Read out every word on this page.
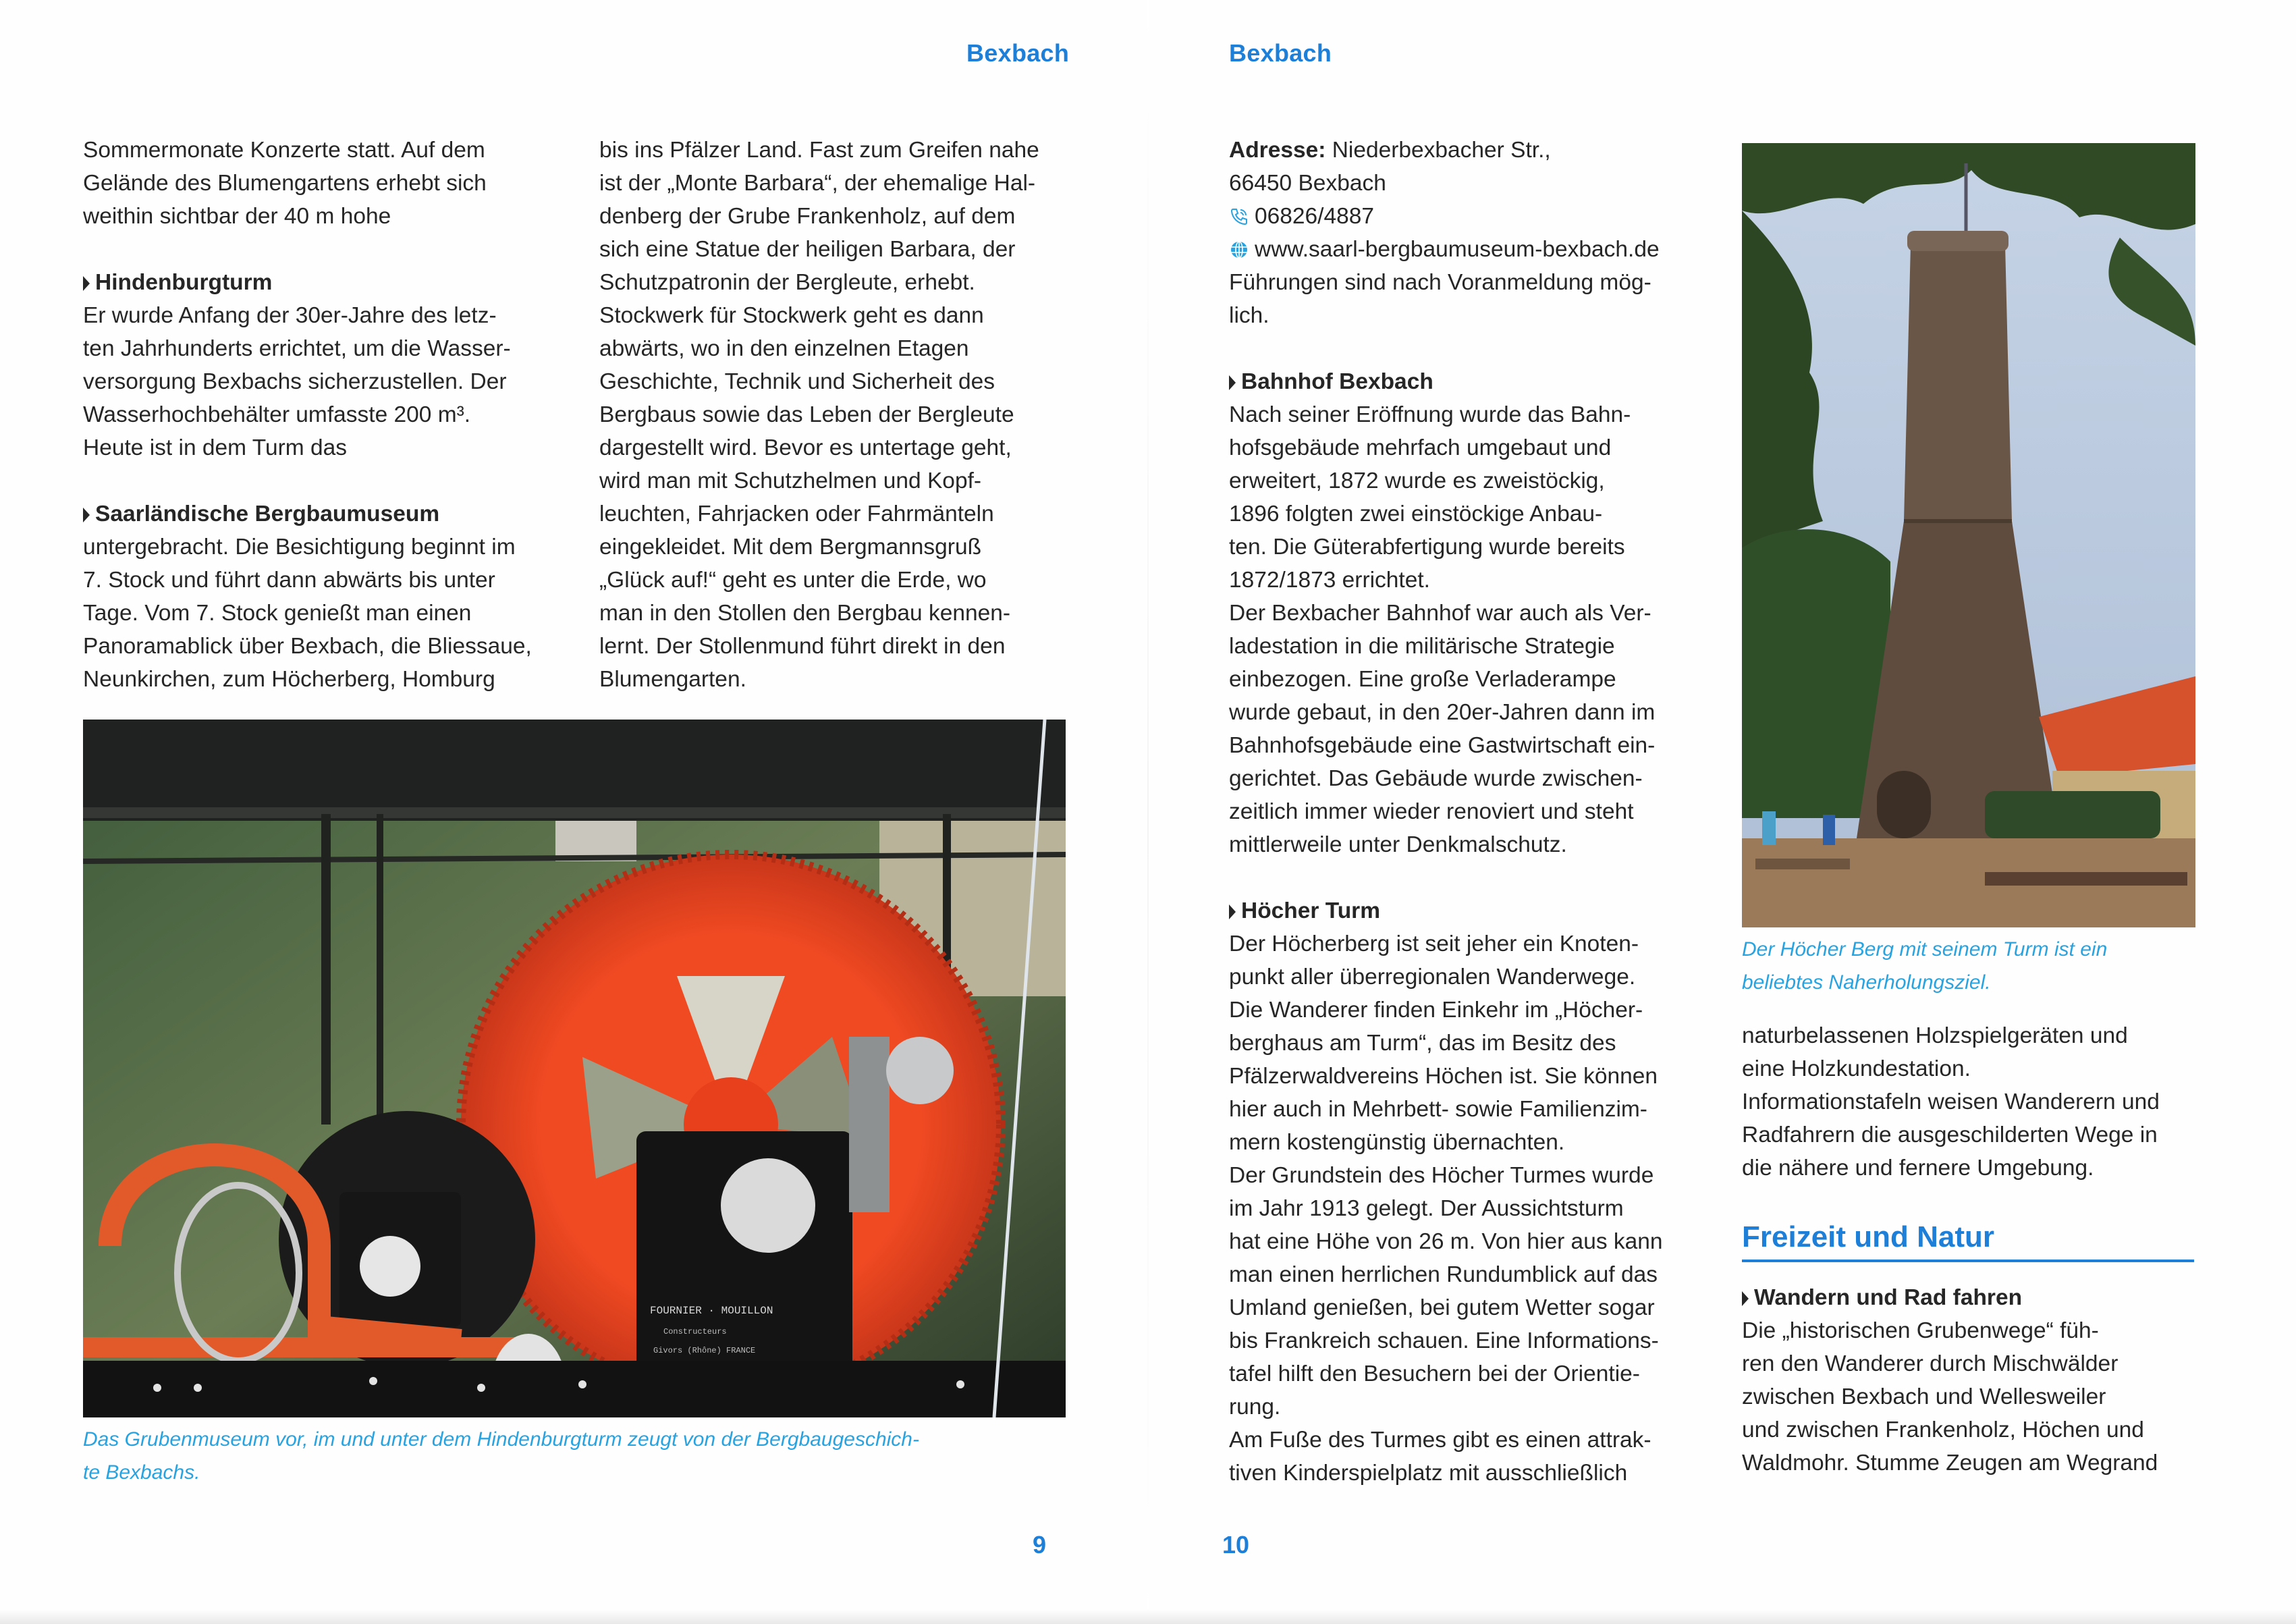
Bexbach

Sommermonate Konzerte statt. Auf dem

Gelände des Blumengartens erhebt sich

weithin sichtbar der 40 m hohe

Hindenburgturm

Er wurde Anfang der 30er-Jahre des letz-

ten Jahrhunderts errichtet, um die Wasser-

versorgung Bexbachs sicherzustellen. Der

Wasserhochbehälter umfasste 200 m³.

Heute ist in dem Turm das

Saarländische Bergbaumuseum

untergebracht. Die Besichtigung beginnt im

7. Stock und führt dann abwärts bis unter

Tage. Vom 7. Stock genießt man einen

Panoramablick über Bexbach, die Bliessaue,

Neunkirchen, zum Höcherberg, Homburg

bis ins Pfälzer Land. Fast zum Greifen nahe

ist der „Monte Barbara“, der ehemalige Hal-

denberg der Grube Frankenholz, auf dem

sich eine Statue der heiligen Barbara, der

Schutzpatronin der Bergleute, erhebt.

Stockwerk für Stockwerk geht es dann

abwärts, wo in den einzelnen Etagen

Geschichte, Technik und Sicherheit des

Bergbaus sowie das Leben der Bergleute

dargestellt wird. Bevor es untertage geht,

wird man mit Schutzhelmen und Kopf-

leuchten, Fahrjacken oder Fahrmänteln

eingekleidet. Mit dem Bergmannsgruß

„Glück auf!“ geht es unter die Erde, wo

man in den Stollen den Bergbau kennen-

lernt. Der Stollenmund führt direkt in den

Blumengarten.

FOURNIER · MOUILLON
Constructeurs
Givors (Rhône) FRANCE
Das Grubenmuseum vor, im und unter dem Hindenburgturm zeugt von der Bergbaugeschich-
te Bexbachs.
9
Bexbach

Adresse: Niederbexbacher Str.,

66450 Bexbach

06826/4887

www.saarl-bergbaumuseum-bexbach.de

Führungen sind nach Voranmeldung mög-

lich.

Bahnhof Bexbach

Nach seiner Eröffnung wurde das Bahn-

hofsgebäude mehrfach umgebaut und

erweitert, 1872 wurde es zweistöckig,

1896 folgten zwei einstöckige Anbau-

ten. Die Güterabfertigung wurde bereits

1872/1873 errichtet.

Der Bexbacher Bahnhof war auch als Ver-

ladestation in die militärische Strategie

einbezogen. Eine große Verladerampe

wurde gebaut, in den 20er-Jahren dann im

Bahnhofsgebäude eine Gastwirtschaft ein-

gerichtet. Das Gebäude wurde zwischen-

zeitlich immer wieder renoviert und steht

mittlerweile unter Denkmalschutz.

Höcher Turm

Der Höcherberg ist seit jeher ein Knoten-

punkt aller überregionalen Wanderwege.

Die Wanderer finden Einkehr im „Höcher-

berghaus am Turm“, das im Besitz des

Pfälzerwaldvereins Höchen ist. Sie können

hier auch in Mehrbett- sowie Familienzim-

mern kostengünstig übernachten.

Der Grundstein des Höcher Turmes wurde

im Jahr 1913 gelegt. Der Aussichtsturm

hat eine Höhe von 26 m. Von hier aus kann

man einen herrlichen Rundumblick auf das

Umland genießen, bei gutem Wetter sogar

bis Frankreich schauen. Eine Informations-

tafel hilft den Besuchern bei der Orientie-

rung.

Am Fuße des Turmes gibt es einen attrak-

tiven Kinderspielplatz mit ausschließlich

Der Höcher Berg mit seinem Turm ist ein
beliebtes Naherholungsziel.

naturbelassenen Holzspielgeräten und

eine Holzkundestation.

Informationstafeln weisen Wanderern und

Radfahrern die ausgeschilderten Wege in

die nähere und fernere Umgebung.

Freizeit und Natur

Wandern und Rad fahren

Die „historischen Grubenwege“ füh-

ren den Wanderer durch Mischwälder

zwischen Bexbach und Wellesweiler

und zwischen Frankenholz, Höchen und

Waldmohr. Stumme Zeugen am Wegrand

10
